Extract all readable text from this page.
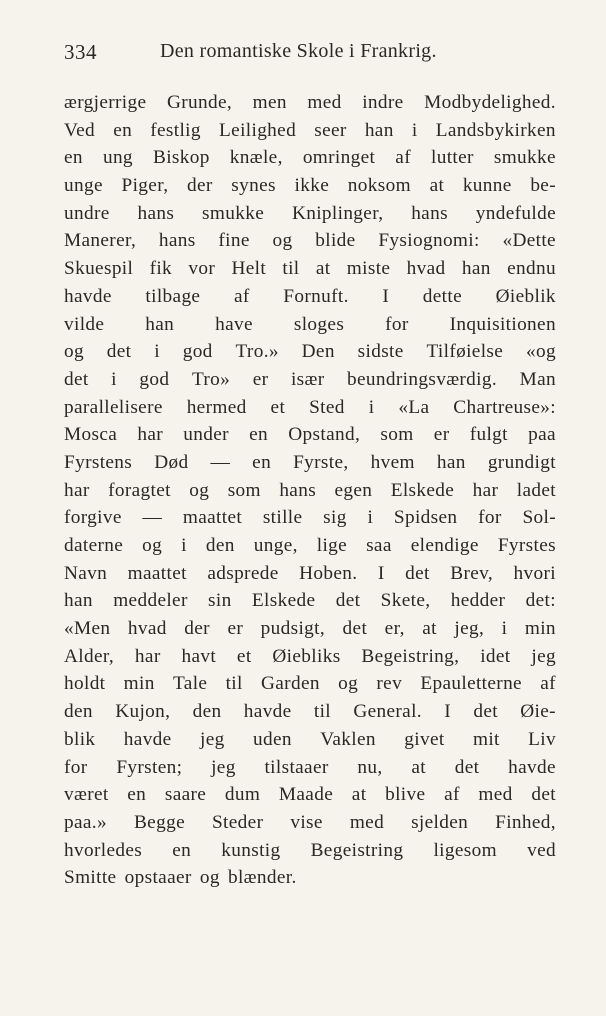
334	Den romantiske Skole i Frankrig.
ærgjerrige Grunde, men med indre Modbydelighed.
Ved en festlig Leilighed seer han i Landsbykirken
en ung Biskop knæle, omringet af lutter smukke
unge Piger, der synes ikke noksom at kunne be-
undre hans smukke Kniplinger, hans yndefulde
Manerer, hans fine og blide Fysiognomi: «Dette
Skuespil fik vor Helt til at miste hvad han endnu
havde tilbage af Fornuft. I dette Øieblik
vilde han have sloges for Inquisitionen
og det i god Tro.» Den sidste Tilføielse «og
det i god Tro» er især beundringsværdig. Man
parallelisere hermed et Sted i «La Chartreuse»:
Mosca har under en Opstand, som er fulgt paa
Fyrstens Død — en Fyrste, hvem han grundigt
har foragtet og som hans egen Elskede har ladet
forgive — maattet stille sig i Spidsen for Sol-
daterne og i den unge, lige saa elendige Fyrstes
Navn maattet adsprede Hoben. I det Brev, hvori
han meddeler sin Elskede det Skete, hedder det:
«Men hvad der er pudsigt, det er, at jeg, i min
Alder, har havt et Øiebliks Begeistring, idet jeg
holdt min Tale til Garden og rev Epauletterne af
den Kujon, den havde til General. I det Øie-
blik havde jeg uden Vaklen givet mit Liv
for Fyrsten; jeg tilstaaer nu, at det havde
været en saare dum Maade at blive af med det
paa.» Begge Steder vise med sjelden Finhed,
hvorledes en kunstig Begeistring ligesom ved
Smitte opstaaer og blænder.
